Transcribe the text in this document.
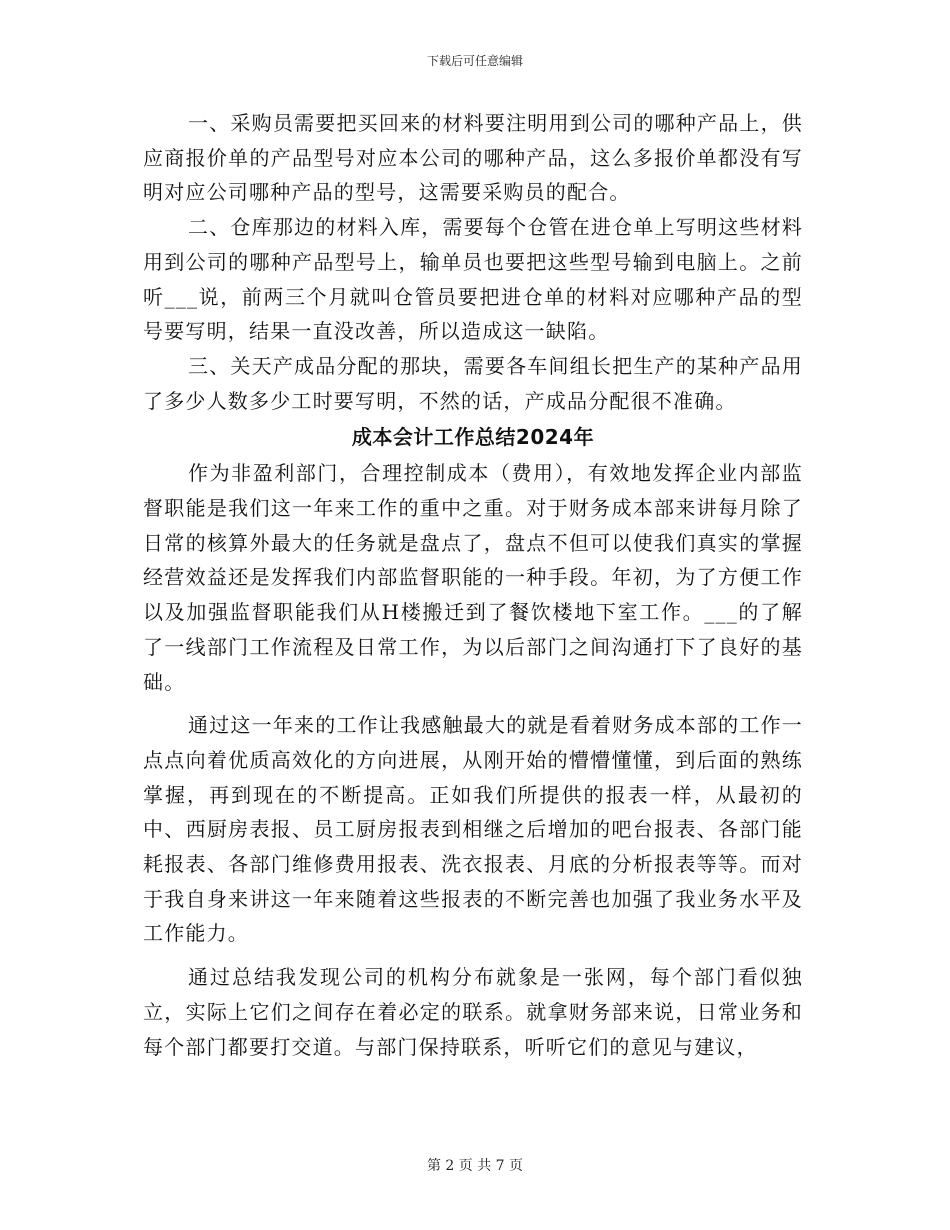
下载后可任意编辑

一、采购员需要把买回来的材料要注明用到公司的哪种产品上，供应商报价单的产品型号对应本公司的哪种产品，这么多报价单都没有写明对应公司哪种产品的型号，这需要采购员的配合。

二、仓库那边的材料入库，需要每个仓管在进仓单上写明这些材料用到公司的哪种产品型号上，输单员也要把这些型号输到电脑上。之前听___说，前两三个月就叫仓管员要把进仓单的材料对应哪种产品的型号要写明，结果一直没改善，所以造成这一缺陷。

三、关天产成品分配的那块，需要各车间组长把生产的某种产品用了多少人数多少工时要写明，不然的话，产成品分配很不准确。

成本会计工作总结2024年

作为非盈利部门，合理控制成本（费用），有效地发挥企业内部监督职能是我们这一年来工作的重中之重。对于财务成本部来讲每月除了日常的核算外最大的任务就是盘点了，盘点不但可以使我们真实的掌握经营效益还是发挥我们内部监督职能的一种手段。年初，为了方便工作以及加强监督职能我们从H楼搬迁到了餐饮楼地下室工作。___的了解了一线部门工作流程及日常工作，为以后部门之间沟通打下了良好的基础。

通过这一年来的工作让我感触最大的就是看着财务成本部的工作一点点向着优质高效化的方向进展，从刚开始的懵懵懂懂，到后面的熟练掌握，再到现在的不断提高。正如我们所提供的报表一样，从最初的中、西厨房表报、员工厨房报表到相继之后增加的吧台报表、各部门能耗报表、各部门维修费用报表、洗衣报表、月底的分析报表等等。而对于我自身来讲这一年来随着这些报表的不断完善也加强了我业务水平及工作能力。

通过总结我发现公司的机构分布就象是一张网，每个部门看似独立，实际上它们之间存在着必定的联系。就拿财务部来说，日常业务和每个部门都要打交道。与部门保持联系，听听它们的意见与建议，

第 2 页 共 7 页
